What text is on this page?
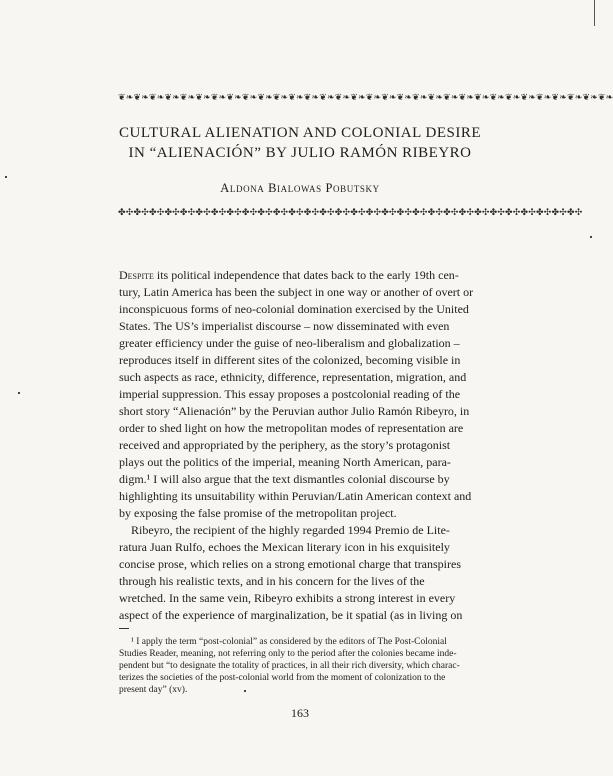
❦❧❦❧❦❧❦❧❦❧❦❧❦❧❦❧❦❧❦❧❦❧❦❧❦❧❦❧❦❧❦❧❦❧❦❧❦❧❦❧❦❧❦❧❦❧❦❧❦❧❦❧❦❧❦❧❦❧❦❧❦❧❦❧
CULTURAL ALIENATION AND COLONIAL DESIRE
IN “ALIENACIÓN” BY JULIO RAMÓN RIBEYRO
Aldona Bialowas Pobutsky
✤✣✤✣✤✣✤✣✤✣✤✣✤✣✤✣✤✣✤✣✤✣✤✣✤✣✤✣✤✣✤✣✤✣✤✣✤✣✤✣✤✣✤✣✤✣✤✣✤✣✤✣✤✣✤✣✤✣✤✣
Despite its political independence that dates back to the early 19th cen-
tury, Latin America has been the subject in one way or another of overt or
inconspicuous forms of neo-colonial domination exercised by the United
States. The US’s imperialist discourse – now disseminated with even
greater efficiency under the guise of neo-liberalism and globalization –
reproduces itself in different sites of the colonized, becoming visible in
such aspects as race, ethnicity, difference, representation, migration, and
imperial suppression. This essay proposes a postcolonial reading of the
short story “Alienación” by the Peruvian author Julio Ramón Ribeyro, in
order to shed light on how the metropolitan modes of representation are
received and appropriated by the periphery, as the story’s protagonist
plays out the politics of the imperial, meaning North American, para-
digm.¹ I will also argue that the text dismantles colonial discourse by
highlighting its unsuitability within Peruvian/Latin American context and
by exposing the false promise of the metropolitan project.
Ribeyro, the recipient of the highly regarded 1994 Premio de Lite-
ratura Juan Rulfo, echoes the Mexican literary icon in his exquisitely
concise prose, which relies on a strong emotional charge that transpires
through his realistic texts, and in his concern for the lives of the
wretched. In the same vein, Ribeyro exhibits a strong interest in every
aspect of the experience of marginalization, be it spatial (as in living on
¹ I apply the term “post-colonial” as considered by the editors of The Post-Colonial
Studies Reader, meaning, not referring only to the period after the colonies became inde-
pendent but “to designate the totality of practices, in all their rich diversity, which charac-
terizes the societies of the post-colonial world from the moment of colonization to the
present day” (xv).
163
